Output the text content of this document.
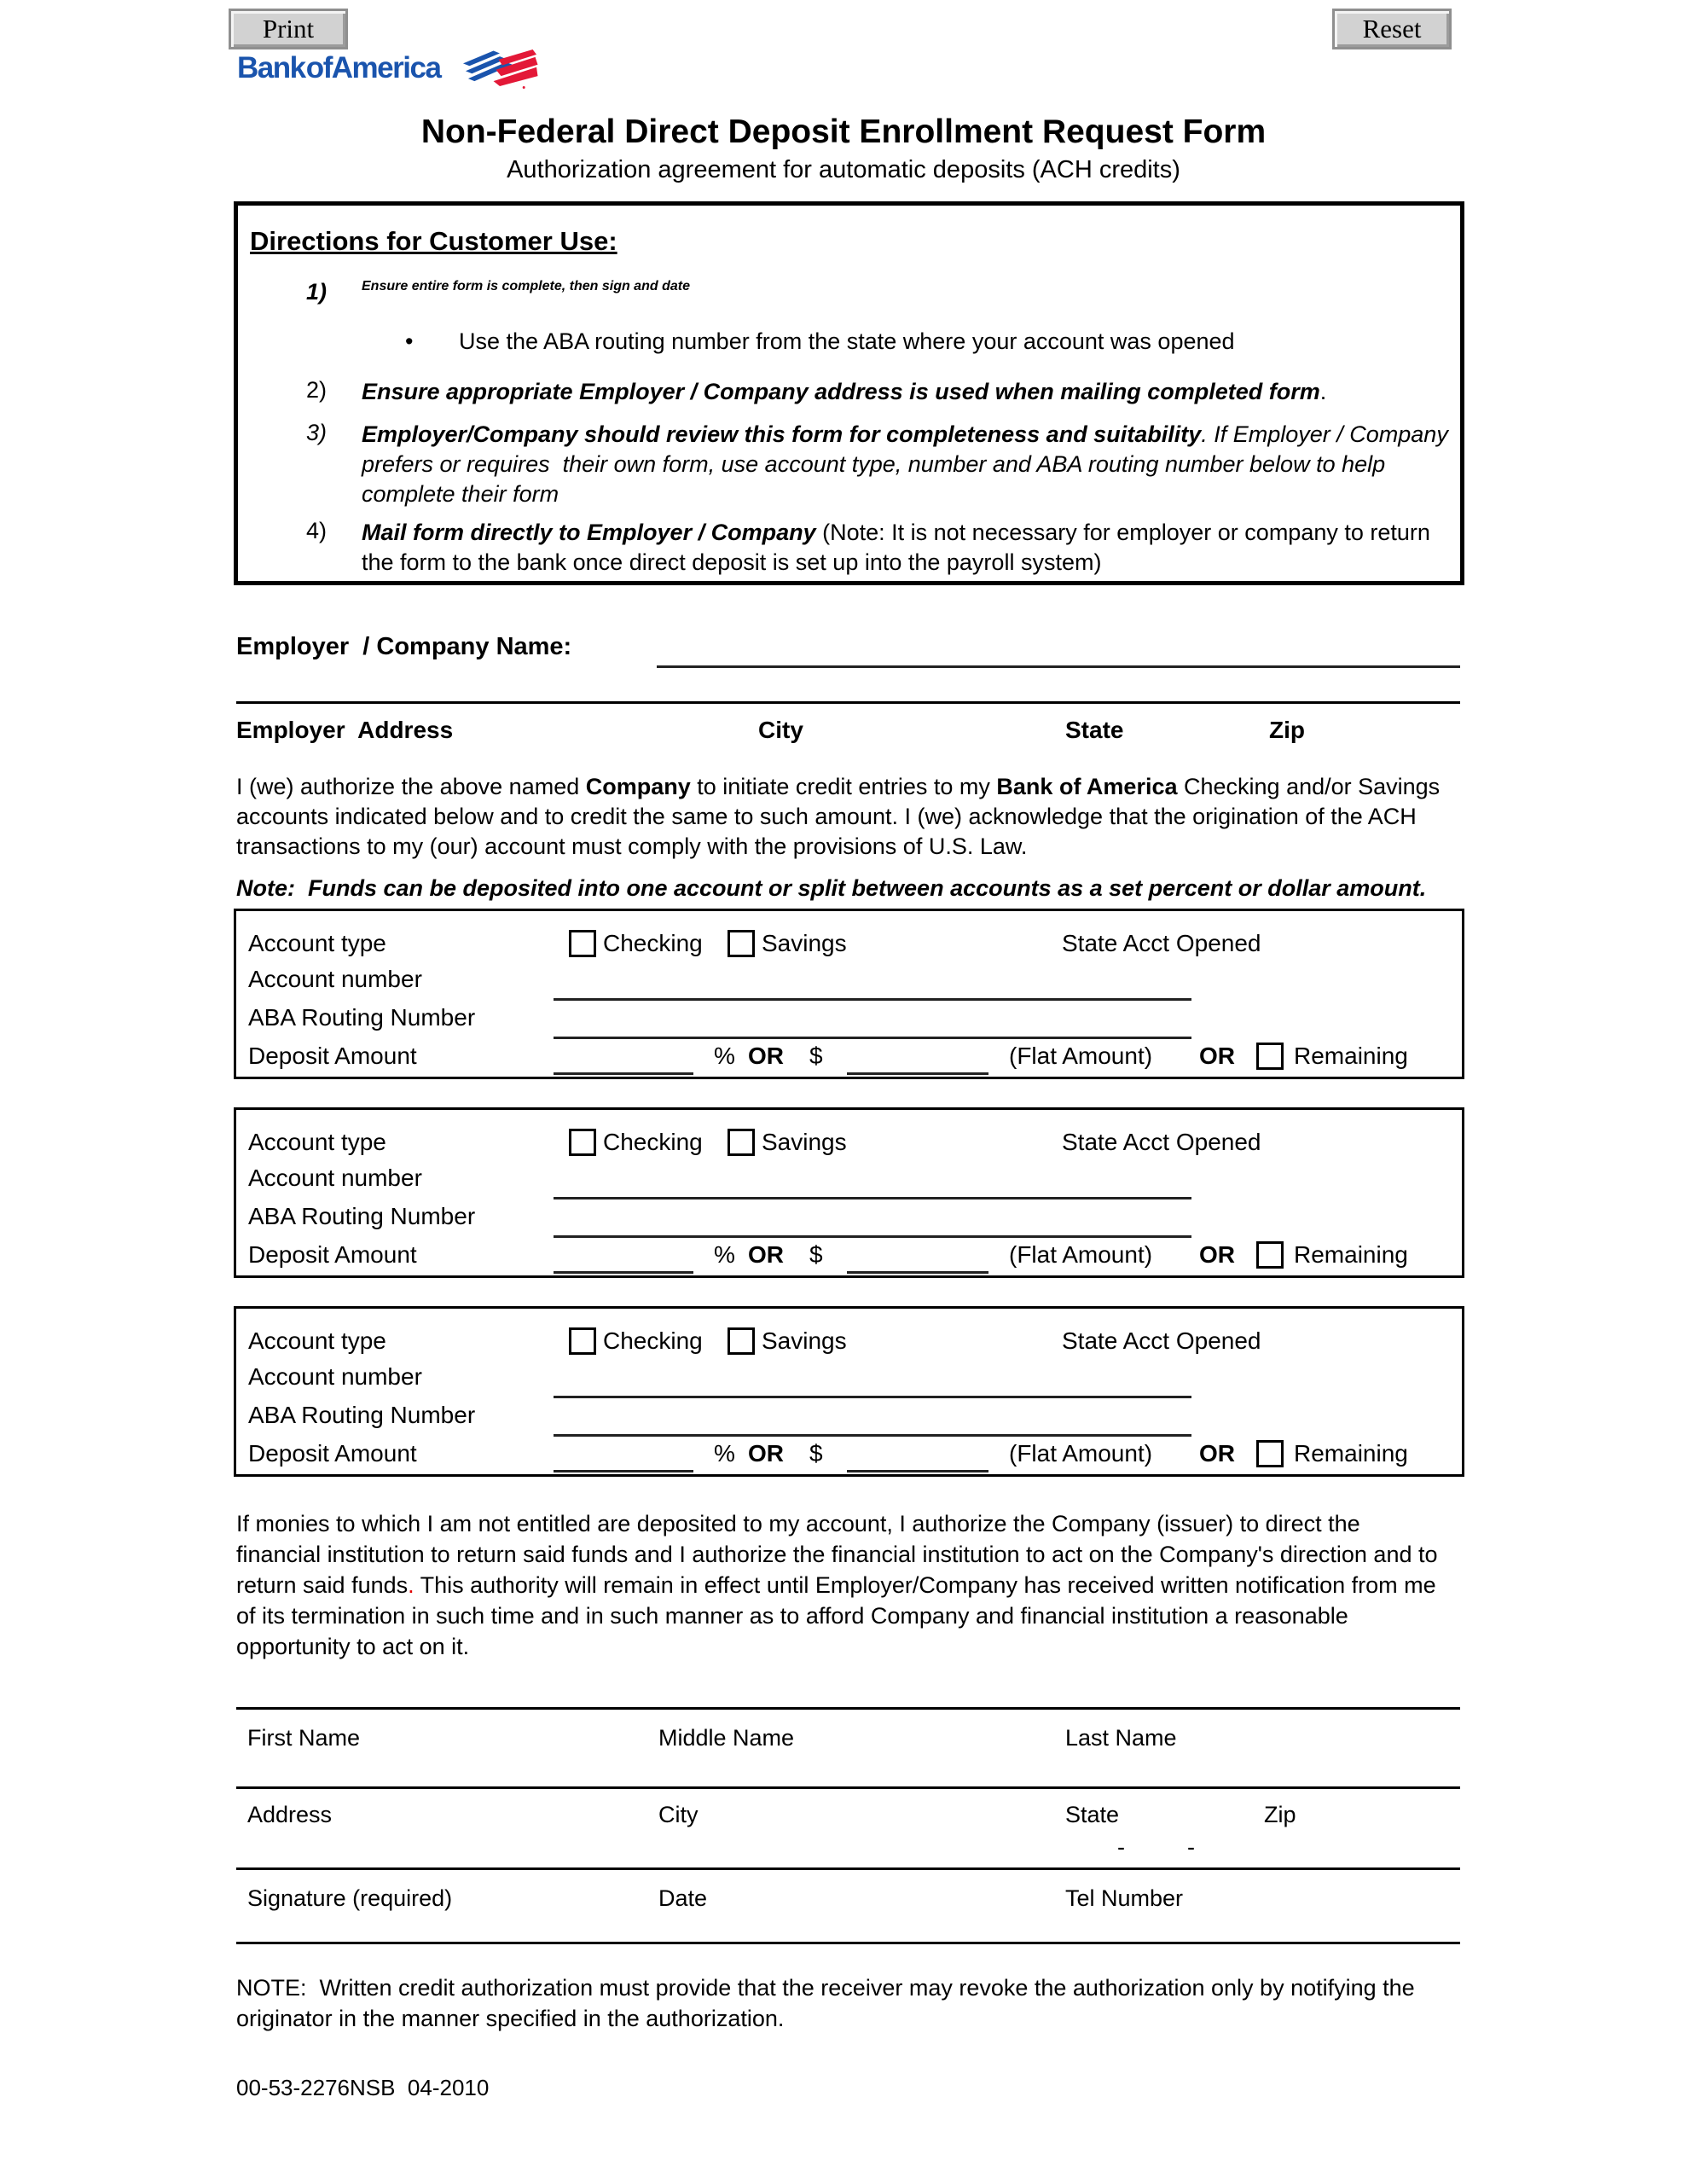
Print	Reset
Bank of America
Non-Federal Direct Deposit Enrollment Request Form
Authorization agreement for automatic deposits (ACH credits)
Directions for Customer Use:
1)	Ensure entire form is complete, then sign and date
• Use the ABA routing number from the state where your account was opened
2) Ensure appropriate Employer / Company address is used when mailing completed form.
3) Employer/Company should review this form for completeness and suitability. If Employer / Company prefers or requires  their own form, use account type, number and ABA routing number below to help complete their form
4) Mail form directly to Employer / Company (Note: It is not necessary for employer or company to return the form to the bank once direct deposit is set up into the payroll system)
Employer  / Company Name:
Employer  Address	City	State	Zip
I (we) authorize the above named Company to initiate credit entries to my Bank of America Checking and/or Savings accounts indicated below and to credit the same to such amount. I (we) acknowledge that the origination of the ACH transactions to my (our) account must comply with the provisions of U.S. Law.
Note:  Funds can be deposited into one account or split between accounts as a set percent or dollar amount.
Account type	Checking Savings	State Acct Opened
Account number
ABA Routing Number
Deposit Amount	% OR $	(Flat Amount) OR Remaining
Account type	Checking Savings	State Acct Opened
Account number
ABA Routing Number
Deposit Amount	% OR $	(Flat Amount) OR Remaining
Account type	Checking Savings	State Acct Opened
Account number
ABA Routing Number
Deposit Amount	% OR $	(Flat Amount) OR Remaining
If monies to which I am not entitled are deposited to my account, I authorize the Company (issuer) to direct the financial institution to return said funds and I authorize the financial institution to act on the Company's direction and to return said funds. This authority will remain in effect until Employer/Company has received written notification from me of its termination in such time and in such manner as to afford Company and financial institution a reasonable opportunity to act on it.
First Name	Middle Name	Last Name
Address	City	State	Zip
-	-
Signature (required)	Date	Tel Number
NOTE:  Written credit authorization must provide that the receiver may revoke the authorization only by notifying the originator in the manner specified in the authorization.
00-53-2276NSB  04-2010
